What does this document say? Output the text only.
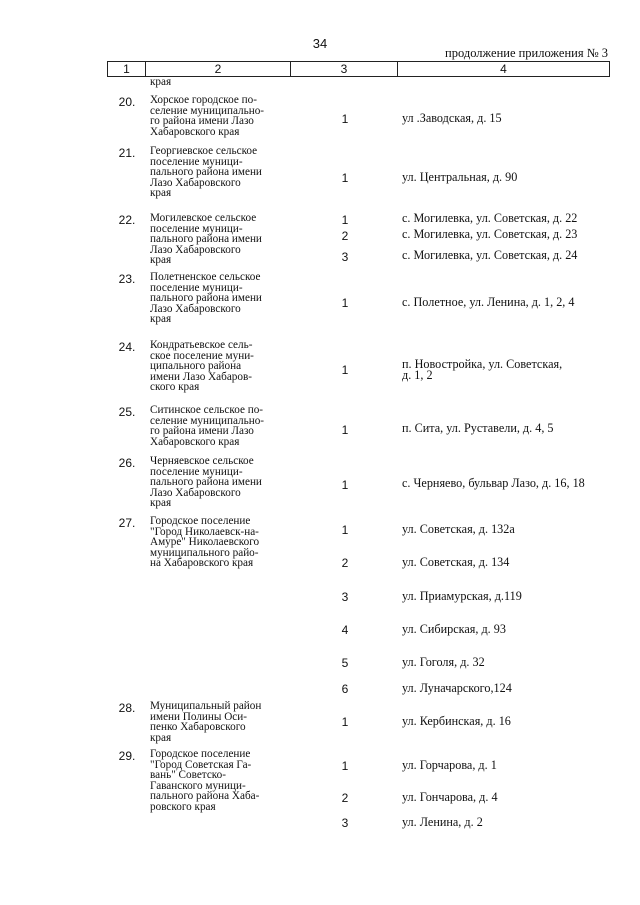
34
продолжение приложения № 3
1	2	3	4
края
20.	Хорское городское по-
селение муниципально-
го района имени Лазо
Хабаровского края
1	ул .Заводская, д. 15
21.	Георгиевское сельское
поселение муници-
пального района имени
Лазо Хабаровского
края
1	ул. Центральная, д. 90
22.	Могилевское сельское
поселение муници-
пального района имени
Лазо Хабаровского
края
1	с. Могилевка, ул. Советская, д. 22
2	с. Могилевка, ул. Советская, д. 23
3	с. Могилевка, ул. Советская, д. 24
23.	Полетненское сельское
поселение муници-
пального района имени
Лазо Хабаровского
края
1	с. Полетное, ул. Ленина, д. 1, 2, 4
24.	Кондратьевское сель-
ское поселение муни-
ципального района
имени Лазо Хабаров-
ского края
1	п. Новостройка, ул. Советская,
д. 1, 2
25.	Ситинское сельское по-
селение муниципально-
го района имени Лазо
Хабаровского края
1	п. Сита, ул. Руставели, д. 4, 5
26.	Черняевское сельское
поселение муници-
пального района имени
Лазо Хабаровского
края
1	с. Черняево, бульвар Лазо, д. 16, 18
27.	Городское поселение
"Город Николаевск-на-
Амуре" Николаевского
муниципального райо-
на Хабаровского края
1	ул. Советская, д. 132а
2	ул. Советская, д. 134
3	ул. Приамурская, д.119
4	ул. Сибирская, д. 93
5	ул. Гоголя, д. 32
6	ул. Луначарского,124
28.	Муниципальный район
имени Полины Оси-
пенко Хабаровского
края
1	ул. Кербинская, д. 16
29.	Городское поселение
"Город Советская Га-
вань" Советско-
Гаванского муници-
пального района Хаба-
ровского края
1	ул. Горчарова, д. 1
2	ул. Гончарова, д. 4
3	ул. Ленина, д. 2
